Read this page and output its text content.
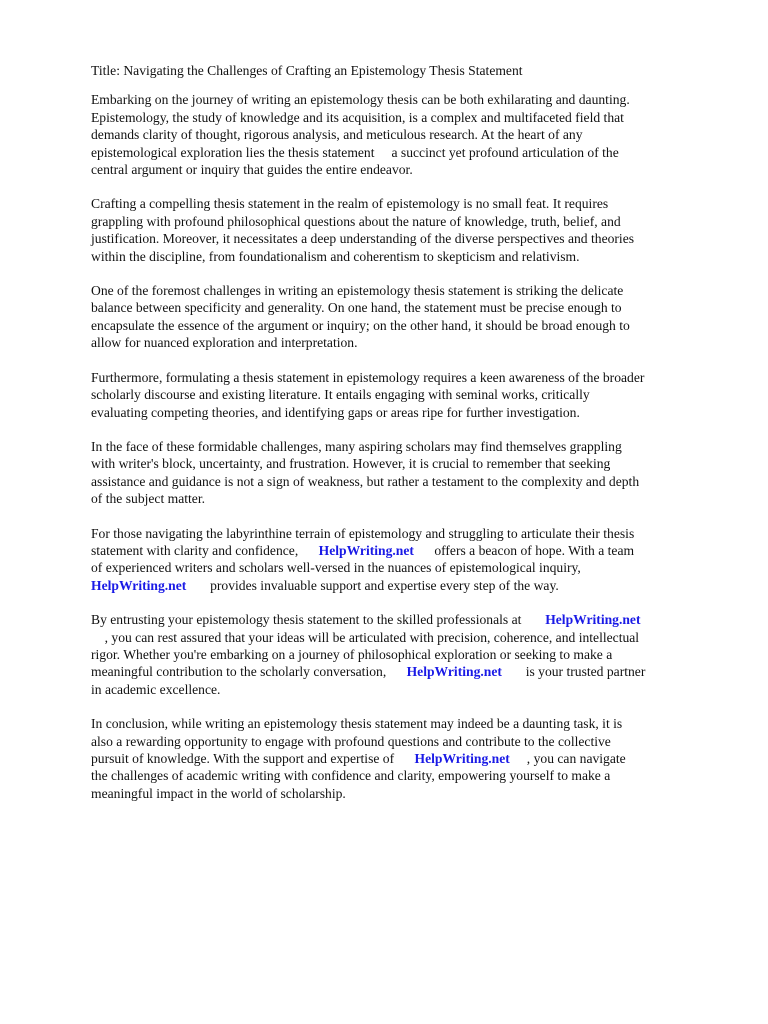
Title: Navigating the Challenges of Crafting an Epistemology Thesis Statement
Embarking on the journey of writing an epistemology thesis can be both exhilarating and daunting.
Epistemology, the study of knowledge and its acquisition, is a complex and multifaceted field that
demands clarity of thought, rigorous analysis, and meticulous research. At the heart of any
epistemological exploration lies the thesis statement     a succinct yet profound articulation of the
central argument or inquiry that guides the entire endeavor.
Crafting a compelling thesis statement in the realm of epistemology is no small feat. It requires
grappling with profound philosophical questions about the nature of knowledge, truth, belief, and
justification. Moreover, it necessitates a deep understanding of the diverse perspectives and theories
within the discipline, from foundationalism and coherentism to skepticism and relativism.
One of the foremost challenges in writing an epistemology thesis statement is striking the delicate
balance between specificity and generality. On one hand, the statement must be precise enough to
encapsulate the essence of the argument or inquiry; on the other hand, it should be broad enough to
allow for nuanced exploration and interpretation.
Furthermore, formulating a thesis statement in epistemology requires a keen awareness of the broader
scholarly discourse and existing literature. It entails engaging with seminal works, critically
evaluating competing theories, and identifying gaps or areas ripe for further investigation.
In the face of these formidable challenges, many aspiring scholars may find themselves grappling
with writer's block, uncertainty, and frustration. However, it is crucial to remember that seeking
assistance and guidance is not a sign of weakness, but rather a testament to the complexity and depth
of the subject matter.
For those navigating the labyrinthine terrain of epistemology and struggling to articulate their thesis
statement with clarity and confidence,      HelpWriting.net      offers a beacon of hope. With a team
of experienced writers and scholars well-versed in the nuances of epistemological inquiry,
HelpWriting.net       provides invaluable support and expertise every step of the way.
By entrusting your epistemology thesis statement to the skilled professionals at       HelpWriting.net
, you can rest assured that your ideas will be articulated with precision, coherence, and intellectual
rigor. Whether you're embarking on a journey of philosophical exploration or seeking to make a
meaningful contribution to the scholarly conversation,      HelpWriting.net       is your trusted partner
in academic excellence.
In conclusion, while writing an epistemology thesis statement may indeed be a daunting task, it is
also a rewarding opportunity to engage with profound questions and contribute to the collective
pursuit of knowledge. With the support and expertise of      HelpWriting.net     , you can navigate
the challenges of academic writing with confidence and clarity, empowering yourself to make a
meaningful impact in the world of scholarship.
